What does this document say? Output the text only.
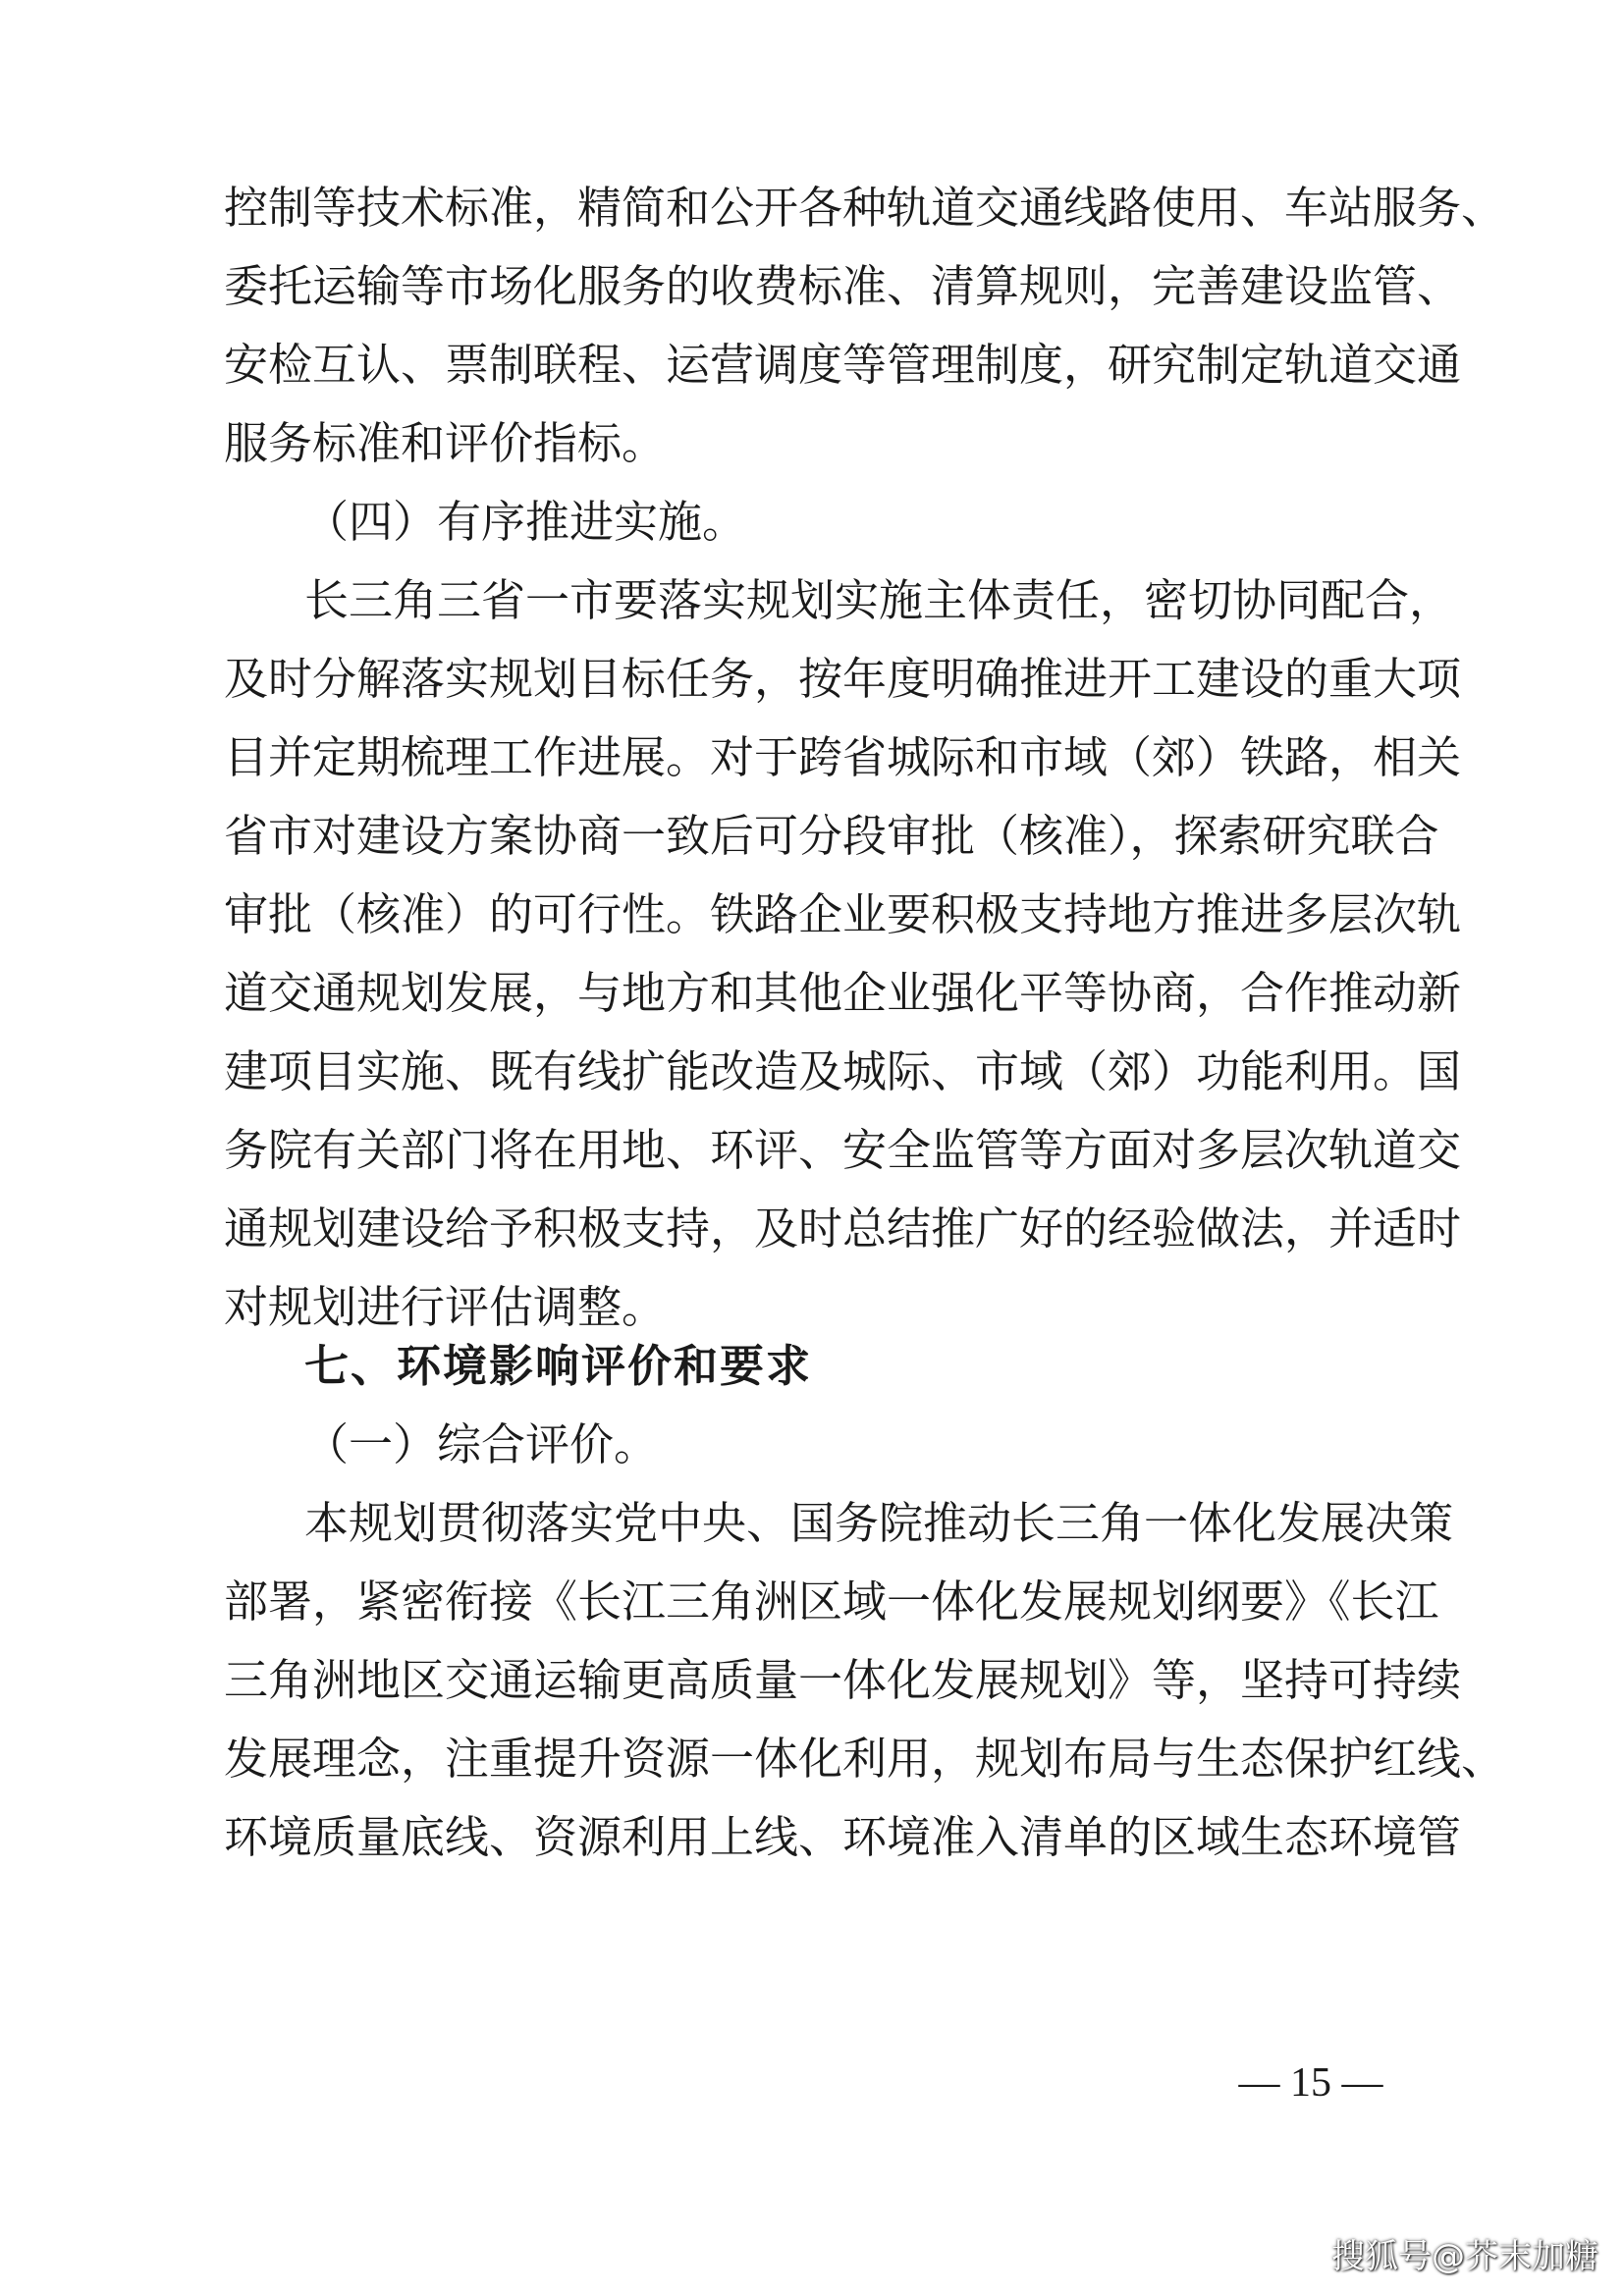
控制等技术标准，精简和公开各种轨道交通线路使用、车站服务、
委托运输等市场化服务的收费标准、清算规则，完善建设监管、
安检互认、票制联程、运营调度等管理制度，研究制定轨道交通
服务标准和评价指标。
（四）有序推进实施。
长三角三省一市要落实规划实施主体责任，密切协同配合，
及时分解落实规划目标任务，按年度明确推进开工建设的重大项
目并定期梳理工作进展。对于跨省城际和市域（郊）铁路，相关
省市对建设方案协商一致后可分段审批（核准），探索研究联合
审批（核准）的可行性。铁路企业要积极支持地方推进多层次轨
道交通规划发展，与地方和其他企业强化平等协商，合作推动新
建项目实施、既有线扩能改造及城际、市域（郊）功能利用。国
务院有关部门将在用地、环评、安全监管等方面对多层次轨道交
通规划建设给予积极支持，及时总结推广好的经验做法，并适时
对规划进行评估调整。
七、环境影响评价和要求
（一）综合评价。
本规划贯彻落实党中央、国务院推动长三角一体化发展决策
部署，紧密衔接《长江三角洲区域一体化发展规划纲要》《长江
三角洲地区交通运输更高质量一体化发展规划》等，坚持可持续
发展理念，注重提升资源一体化利用，规划布局与生态保护红线、
环境质量底线、资源利用上线、环境准入清单的区域生态环境管
— 15 —
搜狐号@芥末加糖
